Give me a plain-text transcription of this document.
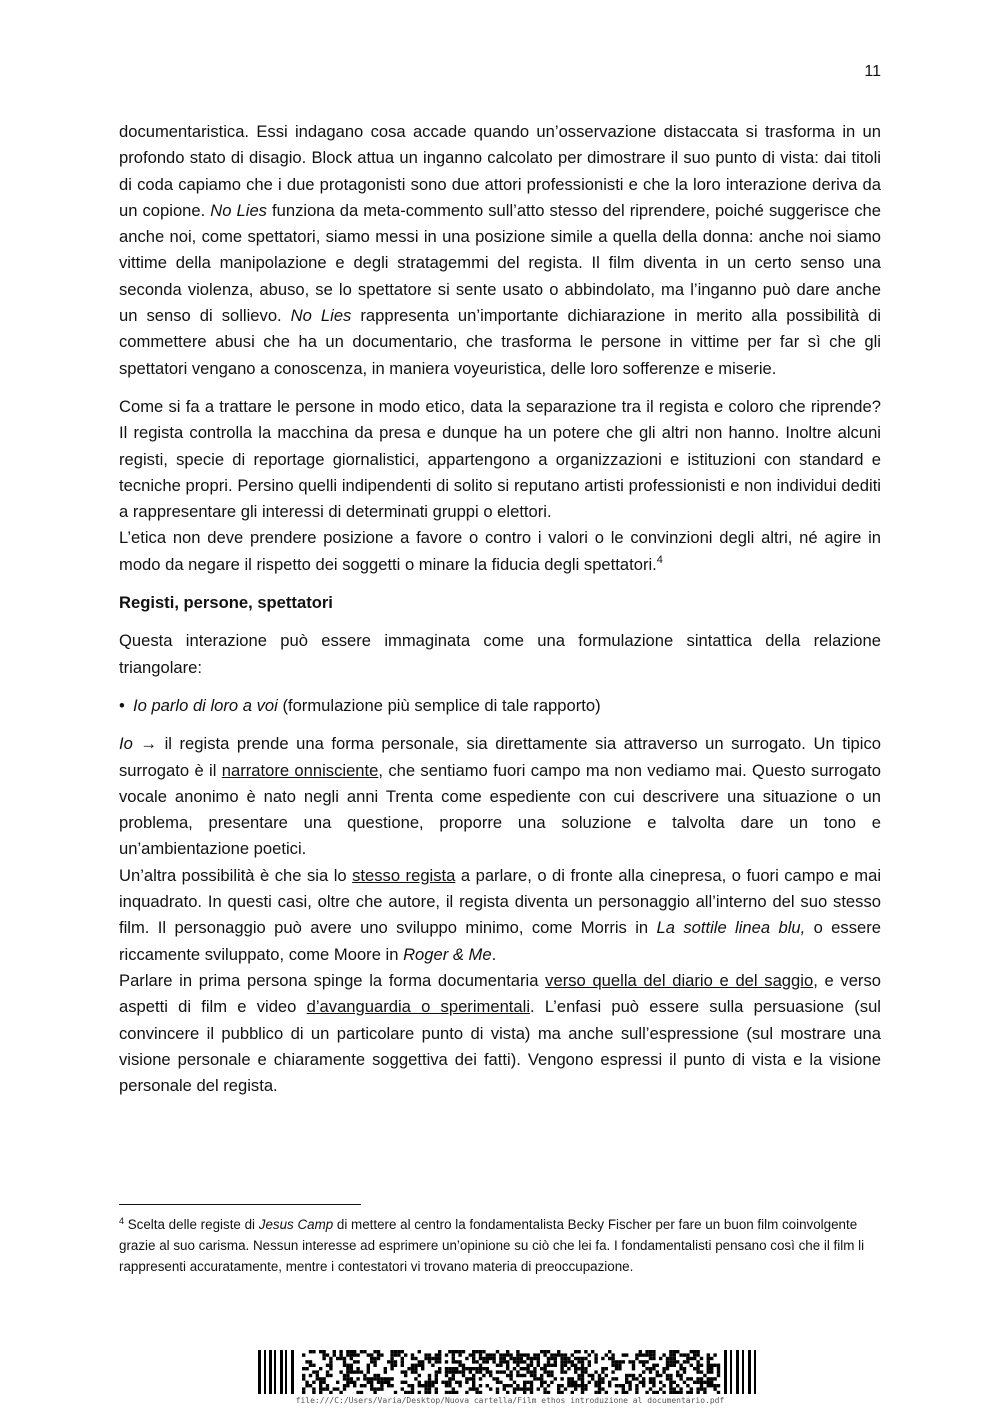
11

documentaristica. Essi indagano cosa accade quando un’osservazione distaccata si trasforma in un profondo stato di disagio. Block attua un inganno calcolato per dimostrare il suo punto di vista: dai titoli di coda capiamo che i due protagonisti sono due attori professionisti e che la loro interazione deriva da un copione. No Lies funziona da meta-commento sull’atto stesso del riprendere, poiché suggerisce che anche noi, come spettatori, siamo messi in una posizione simile a quella della donna: anche noi siamo vittime della manipolazione e degli stratagemmi del regista. Il film diventa in un certo senso una seconda violenza, abuso, se lo spettatore si sente usato o abbindolato, ma l’inganno può dare anche un senso di sollievo. No Lies rappresenta un’importante dichiarazione in merito alla possibilità di commettere abusi che ha un documentario, che trasforma le persone in vittime per far sì che gli spettatori vengano a conoscenza, in maniera voyeuristica, delle loro sofferenze e miserie.

Come si fa a trattare le persone in modo etico, data la separazione tra il regista e coloro che riprende? Il regista controlla la macchina da presa e dunque ha un potere che gli altri non hanno. Inoltre alcuni registi, specie di reportage giornalistici, appartengono a organizzazioni e istituzioni con standard e tecniche propri. Persino quelli indipendenti di solito si reputano artisti professionisti e non individui dediti a rappresentare gli interessi di determinati gruppi o elettori.

L’etica non deve prendere posizione a favore o contro i valori o le convinzioni degli altri, né agire in modo da negare il rispetto dei soggetti o minare la fiducia degli spettatori.$^4$

Registi, persone, spettatori

Questa interazione può essere immaginata come una formulazione sintattica della relazione triangolare:

• Io parlo di loro a voi (formulazione più semplice di tale rapporto)

Io → il regista prende una forma personale, sia direttamente sia attraverso un surrogato. Un tipico surrogato è il narratore onnisciente, che sentiamo fuori campo ma non vediamo mai. Questo surrogato vocale anonimo è nato negli anni Trenta come espediente con cui descrivere una situazione o un problema, presentare una questione, proporre una soluzione e talvolta dare un tono e un’ambientazione poetici.

Un’altra possibilità è che sia lo stesso regista a parlare, o di fronte alla cinepresa, o fuori campo e mai inquadrato. In questi casi, oltre che autore, il regista diventa un personaggio all’interno del suo stesso film. Il personaggio può avere uno sviluppo minimo, come Morris in La sottile linea blu, o essere riccamente sviluppato, come Moore in Roger & Me.

Parlare in prima persona spinge la forma documentaria verso quella del diario e del saggio, e verso aspetti di film e video d’avanguardia o sperimentali. L’enfasi può essere sulla persuasione (sul convincere il pubblico di un particolare punto di vista) ma anche sull’espressione (sul mostrare una visione personale e chiaramente soggettiva dei fatti). Vengono espressi il punto di vista e la visione personale del regista.

$^4$ Scelta delle registe di Jesus Camp di mettere al centro la fondamentalista Becky Fischer per fare un buon film coinvolgente grazie al suo carisma. Nessun interesse ad esprimere un’opinione su ciò che lei fa. I fondamentalisti pensano così che il film li rappresenti accuratamente, mentre i contestatori vi trovano materia di preoccupazione.
file:///C:/Users/Varia/Desktop/Nuova cartella/Film ethos introduzione al documentario.pdf
